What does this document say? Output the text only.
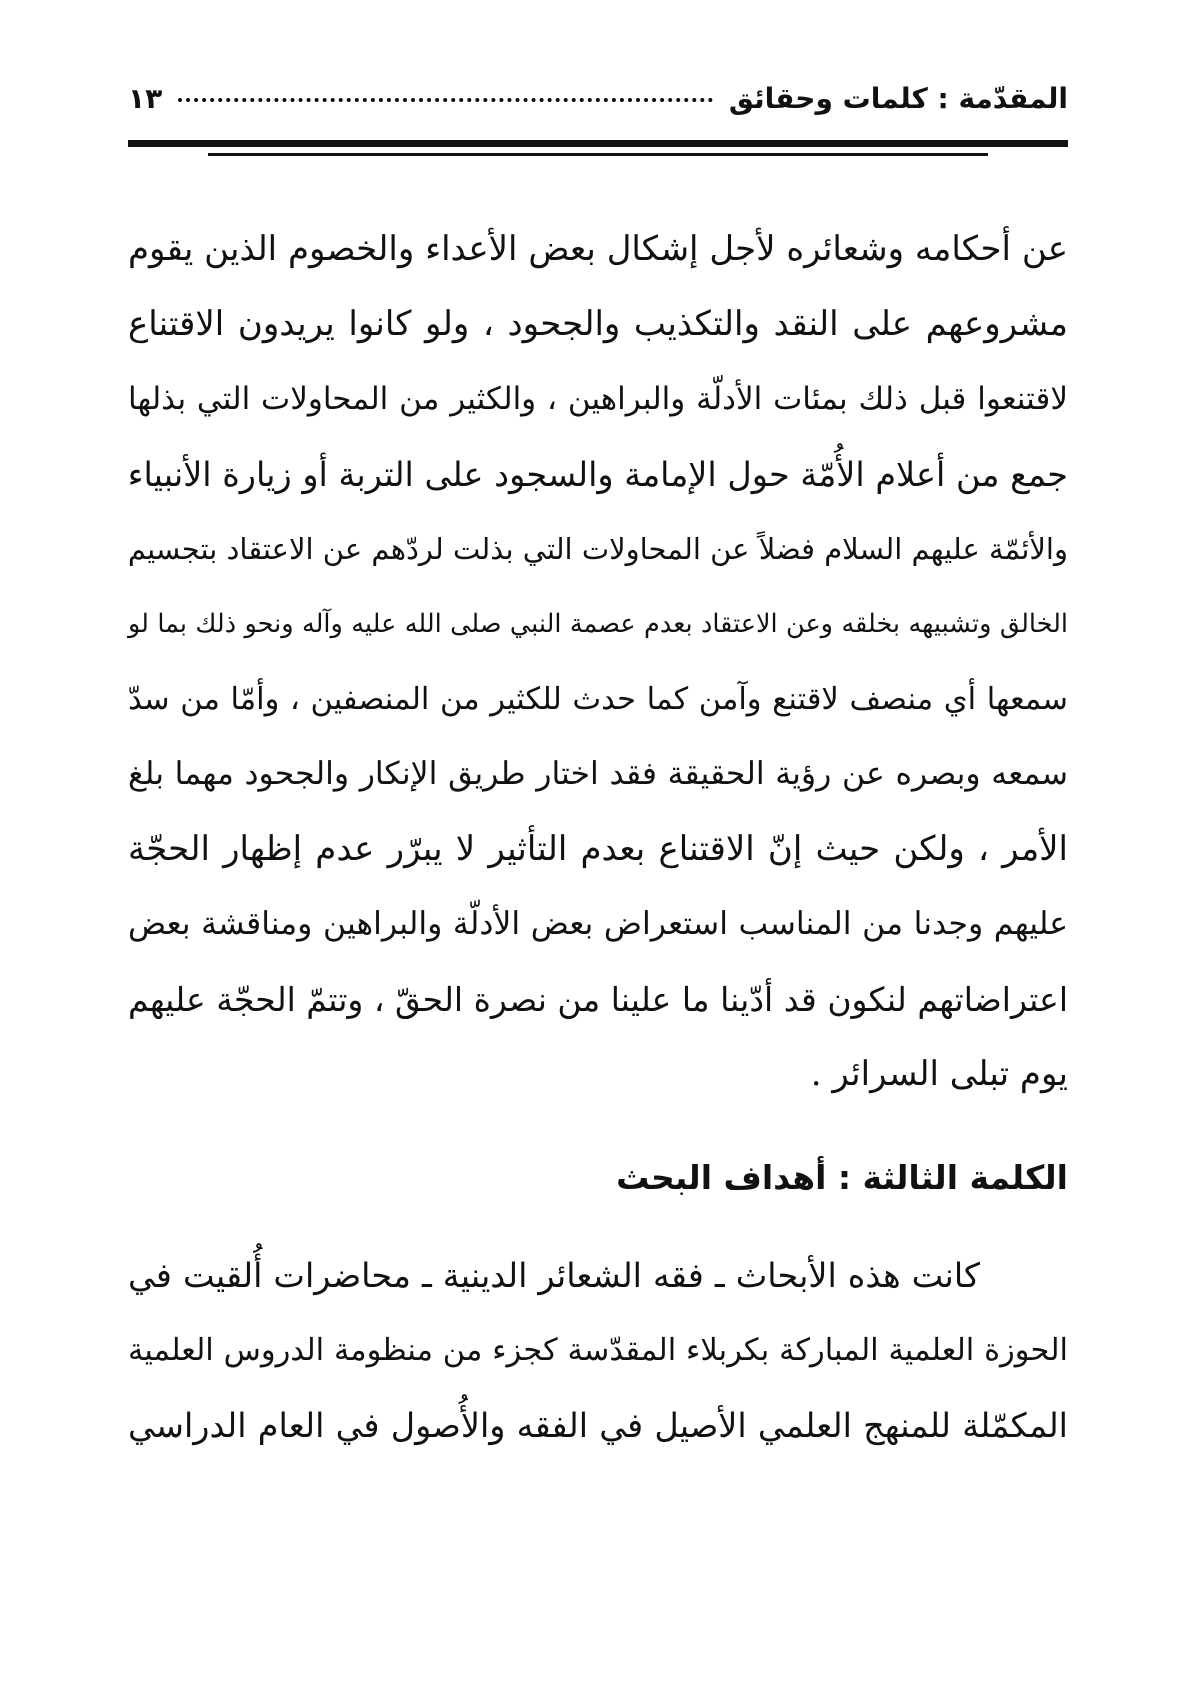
المقدّمة : كلمات وحقائق
١٣
عن أحكامه وشعائره لأجل إشكال بعض الأعداء والخصوم الذين يقوم
مشروعهم على النقد والتكذيب والجحود ، ولو كانوا يريدون الاقتناع
لاقتنعوا قبل ذلك بمئات الأدلّة والبراهين ، والكثير من المحاولات التي بذلها
جمع من أعلام الأُمّة حول الإمامة والسجود على التربة أو زيارة الأنبياء
والأئمّة عليهم السلام فضلاً عن المحاولات التي بذلت لردّهم عن الاعتقاد بتجسيم
الخالق وتشبيهه بخلقه وعن الاعتقاد بعدم عصمة النبي صلى الله عليه وآله ونحو ذلك بما لو
سمعها أي منصف لاقتنع وآمن كما حدث للكثير من المنصفين ، وأمّا من سدّ
سمعه وبصره عن رؤية الحقيقة فقد اختار طريق الإنكار والجحود مهما بلغ
الأمر ، ولكن حيث إنّ الاقتناع بعدم التأثير لا يبرّر عدم إظهار الحجّة
عليهم وجدنا من المناسب استعراض بعض الأدلّة والبراهين ومناقشة بعض
اعتراضاتهم لنكون قد أدّينا ما علينا من نصرة الحقّ ، وتتمّ الحجّة عليهم
يوم تبلى السرائر .
الكلمة الثالثة : أهداف البحث
كانت هذه الأبحاث ـ فقه الشعائر الدينية ـ محاضرات أُلقيت في
الحوزة العلمية المباركة بكربلاء المقدّسة كجزء من منظومة الدروس العلمية
المكمّلة للمنهج العلمي الأصيل في الفقه والأُصول في العام الدراسي
